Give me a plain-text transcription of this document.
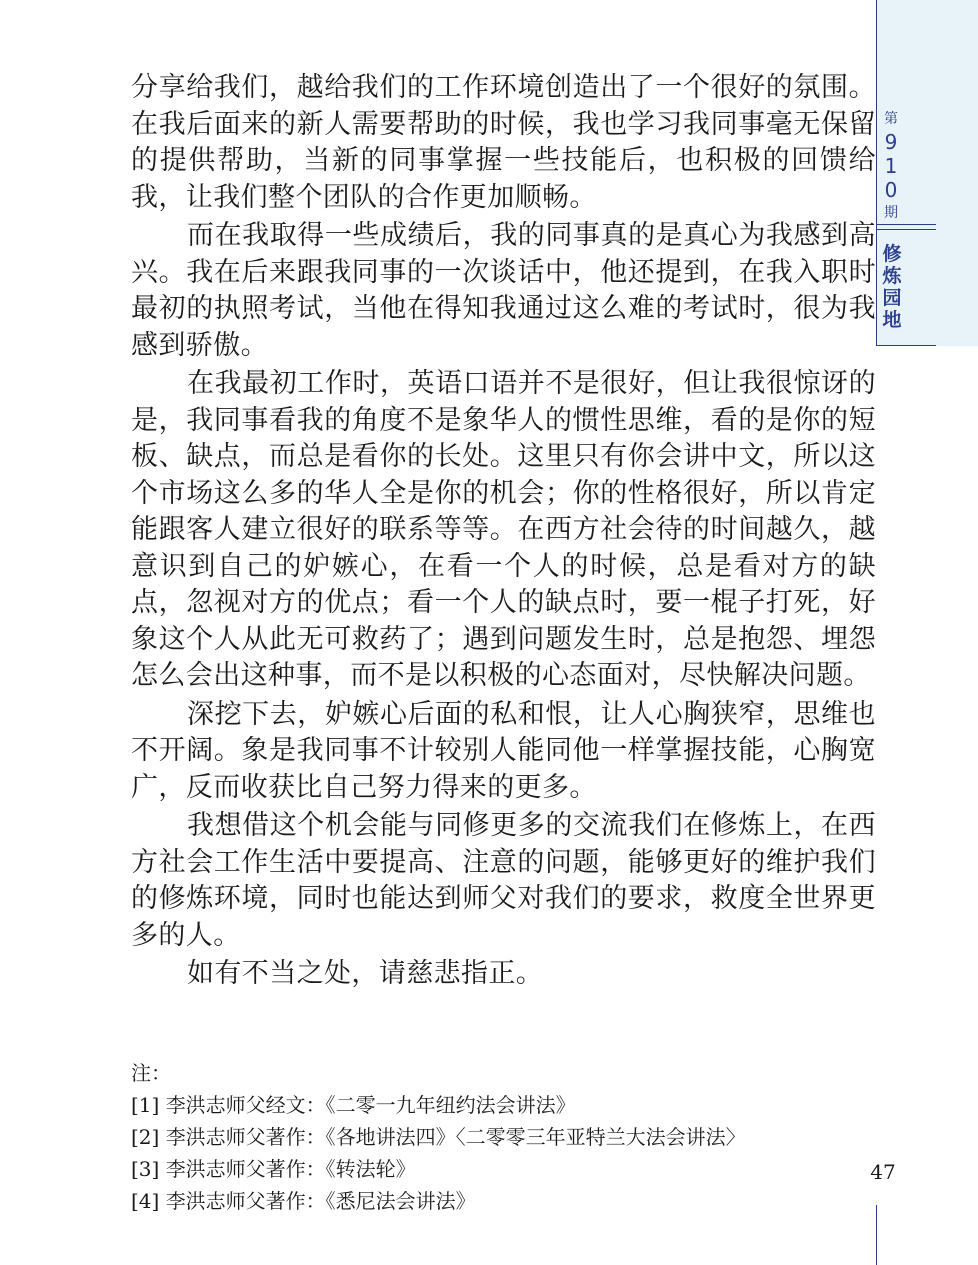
第
9
1
0
期
修
炼
园
地

分享给我们，越给我们的工作环境创造出了一个很好的氛围。在我后面来的新人需要帮助的时候，我也学习我同事毫无保留的提供帮助，当新的同事掌握一些技能后，也积极的回馈给我，让我们整个团队的合作更加顺畅。

而在我取得一些成绩后，我的同事真的是真心为我感到高兴。我在后来跟我同事的一次谈话中，他还提到，在我入职时最初的执照考试，当他在得知我通过这么难的考试时，很为我感到骄傲。

在我最初工作时，英语口语并不是很好，但让我很惊讶的是，我同事看我的角度不是象华人的惯性思维，看的是你的短板、缺点，而总是看你的长处。这里只有你会讲中文，所以这个市场这么多的华人全是你的机会；你的性格很好，所以肯定能跟客人建立很好的联系等等。在西方社会待的时间越久，越意识到自己的妒嫉心，在看一个人的时候，总是看对方的缺点，忽视对方的优点；看一个人的缺点时，要一棍子打死，好象这个人从此无可救药了；遇到问题发生时，总是抱怨、埋怨怎么会出这种事，而不是以积极的心态面对，尽快解决问题。

深挖下去，妒嫉心后面的私和恨，让人心胸狭窄，思维也不开阔。象是我同事不计较别人能同他一样掌握技能，心胸宽广，反而收获比自己努力得来的更多。

我想借这个机会能与同修更多的交流我们在修炼上，在西方社会工作生活中要提高、注意的问题，能够更好的维护我们的修炼环境，同时也能达到师父对我们的要求，救度全世界更多的人。

如有不当之处，请慈悲指正。

注：
[1] 李洪志师父经文：《二零一九年纽约法会讲法》
[2] 李洪志师父著作：《各地讲法四》〈二零零三年亚特兰大法会讲法〉
[3] 李洪志师父著作：《转法轮》
[4] 李洪志师父著作：《悉尼法会讲法》
47
